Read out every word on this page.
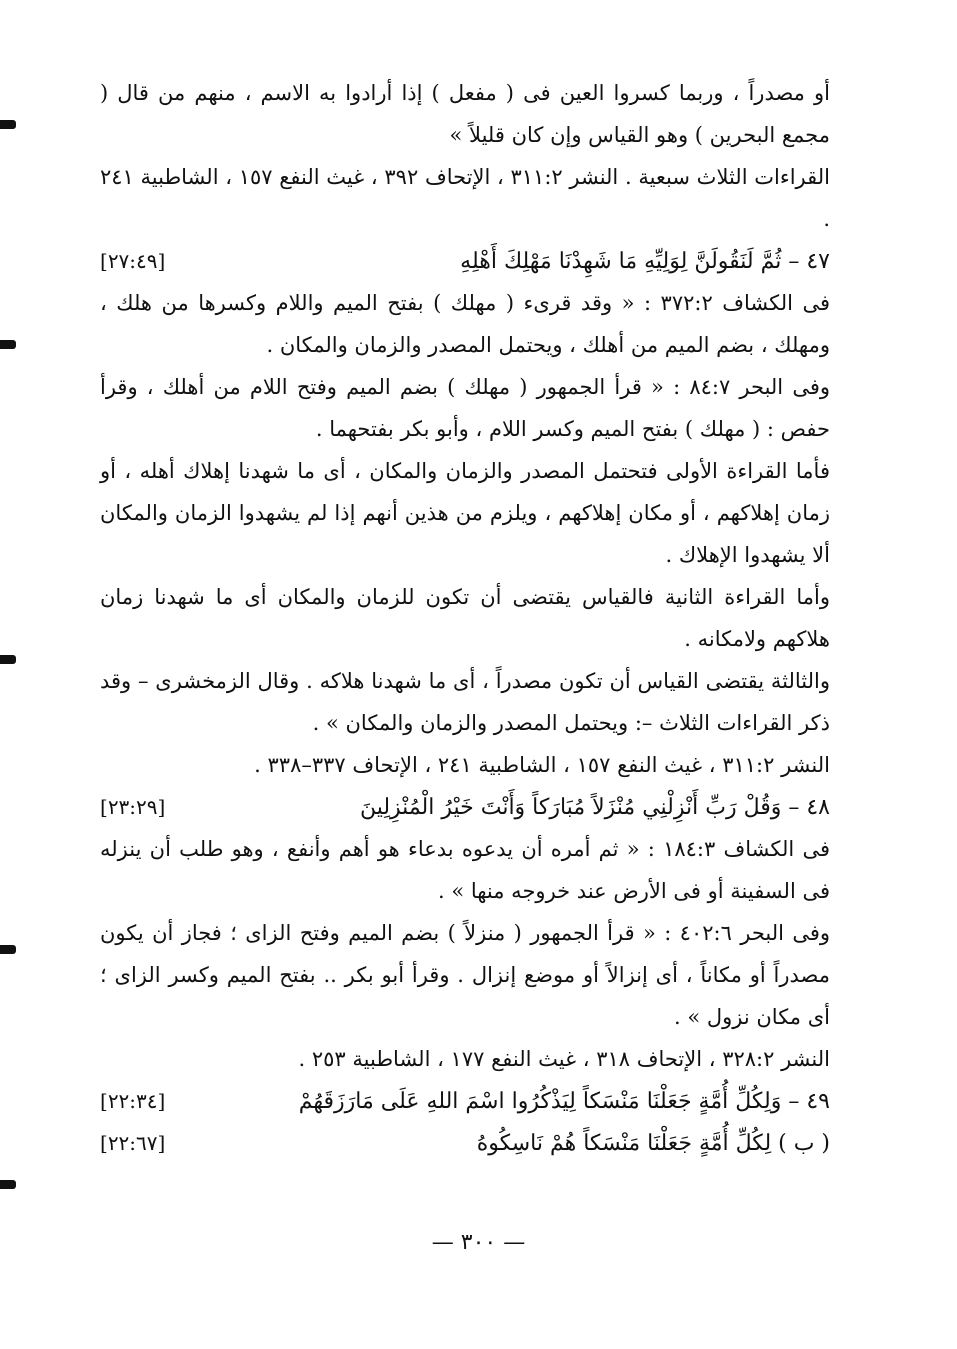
أو مصدراً ، وربما كسروا العين فى ( مفعل ) إذا أرادوا به الاسم ، منهم من قال ( مجمع البحرين ) وهو القياس وإن كان قليلاً »

القراءات الثلاث سبعية . النشر ٣١١:٢ ، الإتحاف ٣٩٢ ، غيث النفع ١٥٧ ، الشاطبية ٢٤١ .

٤٧ – ثُمَّ لَنَقُولَنَّ لِوَلِيِّهِ مَا شَهِدْنَا مَهْلِكَ أَهْلِهِ
[٢٧:٤٩]

فى الكشاف ٣٧٢:٢ : « وقد قرىء ( مهلك ) بفتح الميم واللام وكسرها من هلك ، ومهلك ، بضم الميم من أهلك ، ويحتمل المصدر والزمان والمكان .

وفى البحر ٨٤:٧ : « قرأ الجمهور ( مهلك ) بضم الميم وفتح اللام من أهلك ، وقرأ حفص : ( مهلك ) بفتح الميم وكسر اللام ، وأبو بكر بفتحهما .

فأما القراءة الأولى فتحتمل المصدر والزمان والمكان ، أى ما شهدنا إهلاك أهله ، أو زمان إهلاكهم ، أو مكان إهلاكهم ، ويلزم من هذين أنهم إذا لم يشهدوا الزمان والمكان ألا يشهدوا الإهلاك .

وأما القراءة الثانية فالقياس يقتضى أن تكون للزمان والمكان أى ما شهدنا زمان هلاكهم ولامكانه .

والثالثة يقتضى القياس أن تكون مصدراً ، أى ما شهدنا هلاكه . وقال الزمخشرى – وقد ذكر القراءات الثلاث –: ويحتمل المصدر والزمان والمكان » .

النشر ٣١١:٢ ، غيث النفع ١٥٧ ، الشاطبية ٢٤١ ، الإتحاف ٣٣٧–٣٣٨ .

٤٨ – وَقُلْ رَبِّ أَنْزِلْنِي مُنْزَلاً مُبَارَكاً وَأَنْتَ خَيْرُ الْمُنْزِلِينَ
[٢٣:٢٩]

فى الكشاف ١٨٤:٣ : « ثم أمره أن يدعوه بدعاء هو أهم وأنفع ، وهو طلب أن ينزله فى السفينة أو فى الأرض عند خروجه منها » .

وفى البحر ٤٠٢:٦ : « قرأ الجمهور ( منزلاً ) بضم الميم وفتح الزاى ؛ فجاز أن يكون مصدراً أو مكاناً ، أى إنزالاً أو موضع إنزال . وقرأ أبو بكر .. بفتح الميم وكسر الزاى ؛ أى مكان نزول » .

النشر ٣٢٨:٢ ، الإتحاف ٣١٨ ، غيث النفع ١٧٧ ، الشاطبية ٢٥٣ .

٤٩ – وَلِكُلِّ أُمَّةٍ جَعَلْنَا مَنْسَكاً لِيَذْكُرُوا اسْمَ اللهِ عَلَى مَارَزَقَهُمْ
[٢٢:٣٤]
( ب ) لِكُلِّ أُمَّةٍ جَعَلْنَا مَنْسَكاً هُمْ نَاسِكُوهُ
[٢٢:٦٧]
— ٣٠٠ —
